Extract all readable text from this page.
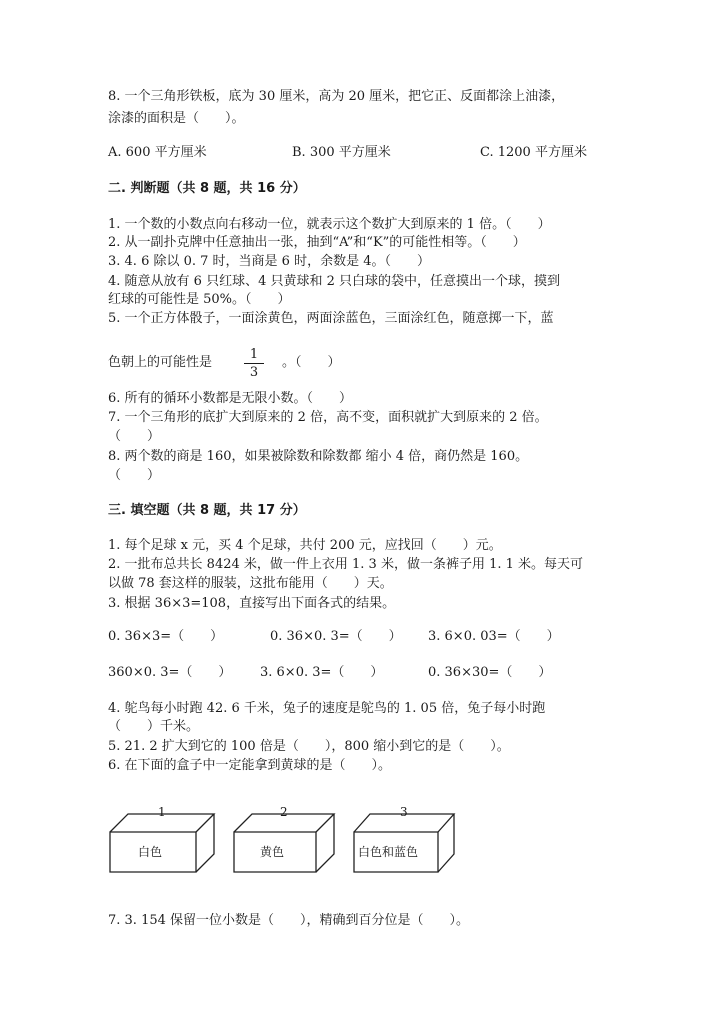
8. 一个三角形铁板，底为 30 厘米，高为 20 厘米，把它正、反面都涂上油漆，
涂漆的面积是（　　）。
A. 600 平方厘米	B. 300 平方厘米	C. 1200 平方厘米
二. 判断题（共 8 题，共 16 分）
1. 一个数的小数点向右移动一位，就表示这个数扩大到原来的 1 倍。（　　）
2. 从一副扑克牌中任意抽出一张，抽到“A”和“K”的可能性相等。（　　）
3. 4. 6 除以 0. 7 时，当商是 6 时，余数是 4。（　　）
4. 随意从放有 6 只红球、4 只黄球和 2 只白球的袋中，任意摸出一个球，摸到
红球的可能性是 50%。（　　）
5. 一个正方体骰子，一面涂黄色，两面涂蓝色，三面涂红色，随意掷一下，蓝
色朝上的可能性是 $\frac{1}{3}$ 。（　　）
6. 所有的循环小数都是无限小数。（　　）
7. 一个三角形的底扩大到原来的 2 倍，高不变，面积就扩大到原来的 2 倍。
（　　）
8. 两个数的商是 160，如果被除数和除数都 缩小 4 倍，商仍然是 160。
（　　）
三. 填空题（共 8 题，共 17 分）
1. 每个足球 x 元，买 4 个足球，共付 200 元，应找回（　　）元。
2. 一批布总共长 8424 米，做一件上衣用 1. 3 米，做一条裤子用 1. 1 米。每天可
以做 78 套这样的服装，这批布能用（　　）天。
3. 根据 36×3=108，直接写出下面各式的结果。
0. 36×3=（　　）	0. 36×0. 3=（　　） 3. 6×0. 03=（　　）
360×0. 3=（　　） 3. 6×0. 3=（　　）	0. 36×30=（　　）
4. 鸵鸟每小时跑 42. 6 千米，兔子的速度是鸵鸟的 1. 05 倍，兔子每小时跑
（　　）千米。
5. 21. 2 扩大到它的 100 倍是（　　），800 缩小到它的是（　　）。
6. 在下面的盒子中一定能拿到黄球的是（　　）。
1
白色
2
黄色
3
白色和蓝色
7. 3. 154 保留一位小数是（　　），精确到百分位是（　　）。
